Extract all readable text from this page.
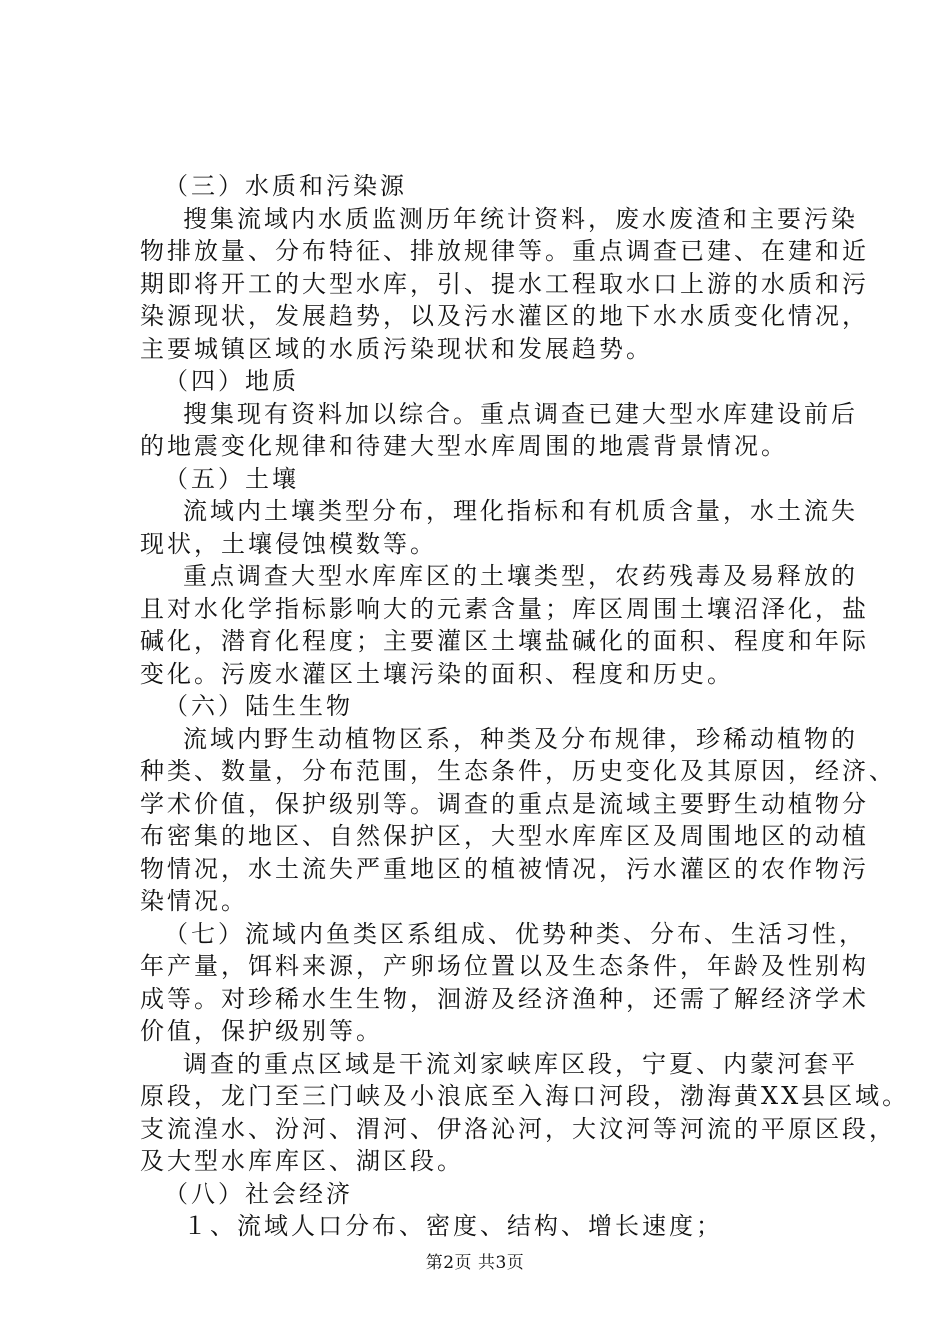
（三）水质和污染源
搜集流域内水质监测历年统计资料，废水废渣和主要污染
物排放量、分布特征、排放规律等。重点调查已建、在建和近
期即将开工的大型水库，引、提水工程取水口上游的水质和污
染源现状，发展趋势，以及污水灌区的地下水水质变化情况，
主要城镇区域的水质污染现状和发展趋势。
（四）地质
搜集现有资料加以综合。重点调查已建大型水库建设前后
的地震变化规律和待建大型水库周围的地震背景情况。
（五）土壤
流域内土壤类型分布，理化指标和有机质含量，水土流失
现状，土壤侵蚀模数等。
重点调查大型水库库区的土壤类型，农药残毒及易释放的
且对水化学指标影响大的元素含量；库区周围土壤沼泽化，盐
碱化，潜育化程度；主要灌区土壤盐碱化的面积、程度和年际
变化。污废水灌区土壤污染的面积、程度和历史。
（六）陆生生物
流域内野生动植物区系，种类及分布规律，珍稀动植物的
种类、数量，分布范围，生态条件，历史变化及其原因，经济、
学术价值，保护级别等。调查的重点是流域主要野生动植物分
布密集的地区、自然保护区，大型水库库区及周围地区的动植
物情况，水土流失严重地区的植被情况，污水灌区的农作物污
染情况。
（七）流域内鱼类区系组成、优势种类、分布、生活习性，
年产量，饵料来源，产卵场位置以及生态条件，年龄及性别构
成等。对珍稀水生生物，洄游及经济渔种，还需了解经济学术
价值，保护级别等。
调查的重点区域是干流刘家峡库区段，宁夏、内蒙河套平
原段，龙门至三门峡及小浪底至入海口河段，渤海黄XX县区域。
支流湟水、汾河、渭河、伊洛沁河，大汶河等河流的平原区段，
及大型水库库区、湖区段。
（八）社会经济
１、流域人口分布、密度、结构、增长速度；
第2页 共3页
